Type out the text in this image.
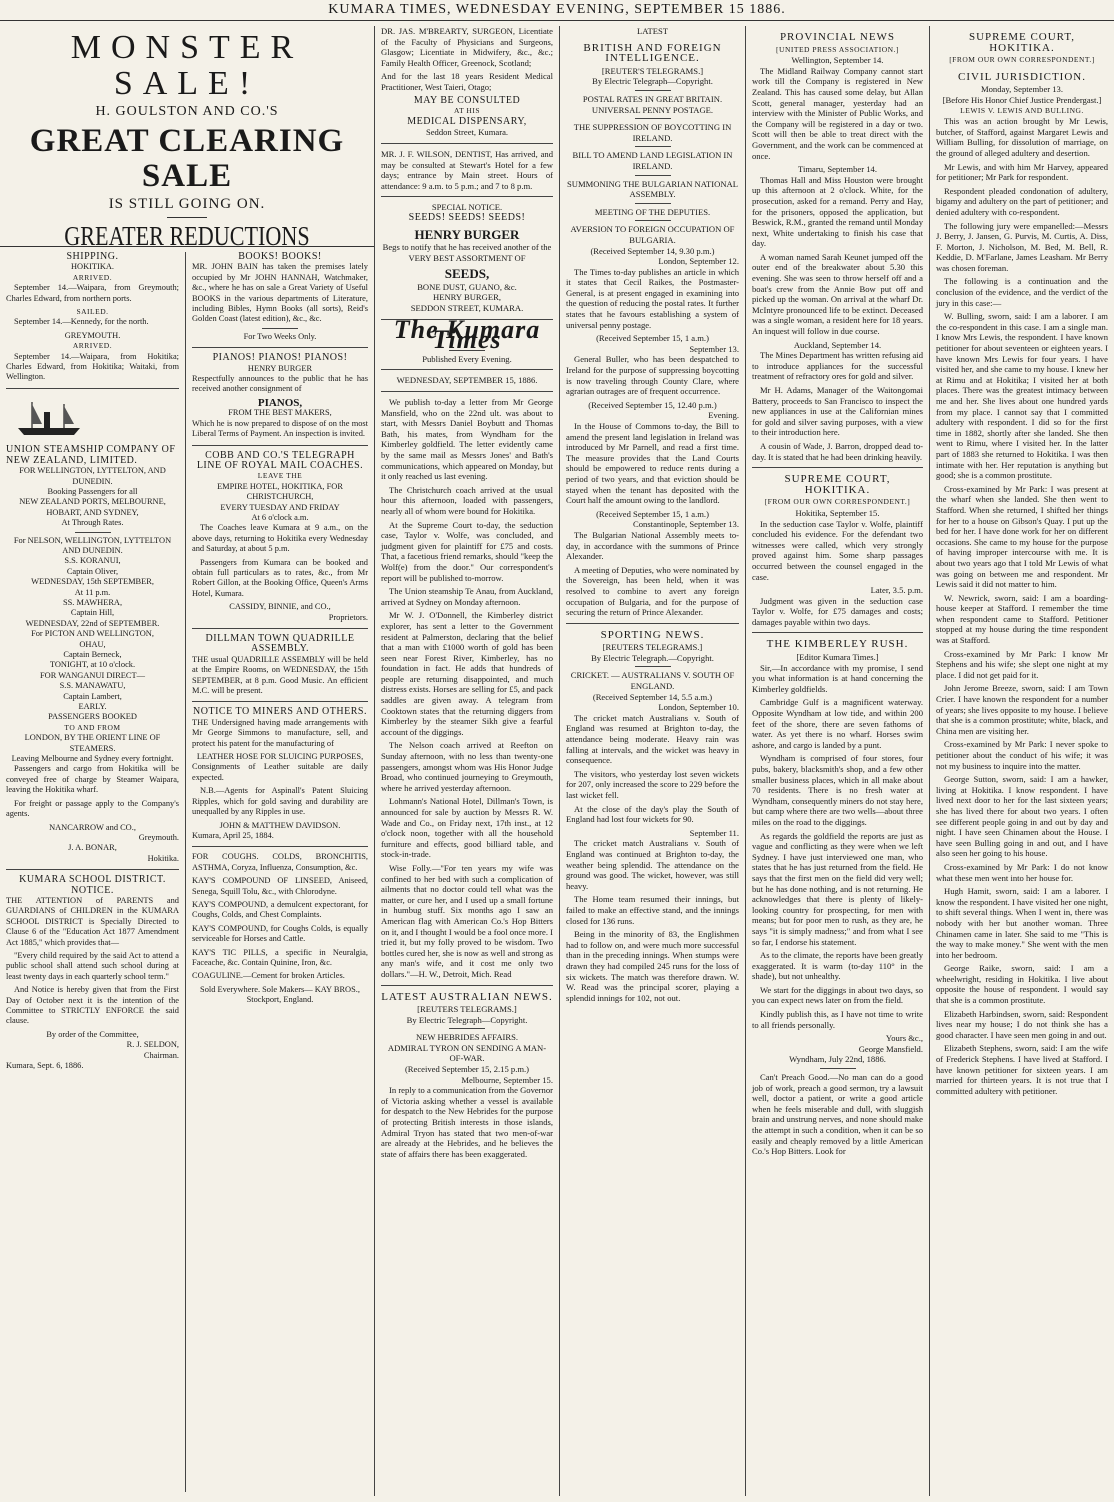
KUMARA TIMES, WEDNESDAY EVENING, SEPTEMBER 15 1886.
MONSTER SALE!
H. GOULSTON AND CO.'S
GREAT CLEARING SALE
IS STILL GOING ON.
GREATER REDUCTIONS
SHIPPING.
HOKITIKA.
ARRIVED.

September 14.—Waipara, from Greymouth; Charles Edward, from northern ports.

SAILED.

September 14.—Kennedy, for the north.

GREYMOUTH.
ARRIVED.

September 14.—Waipara, from Hokitika; Charles Edward, from Hokitika; Waitaki, from Wellington.

UNION STEAMSHIP COMPANY OF NEW ZEALAND, LIMITED.
FOR WELLINGTON, LYTTELTON, AND DUNEDIN.
Booking Passengers for all
NEW ZEALAND PORTS, MELBOURNE, HOBART, AND SYDNEY,
At Through Rates.
For NELSON, WELLINGTON, LYTTELTON AND DUNEDIN.
S.S. KORANUI,
Captain Oliver,
WEDNESDAY, 15th SEPTEMBER,
At 11 p.m.
SS. MAWHERA,
Captain Hill,
WEDNESDAY, 22nd of SEPTEMBER.
For PICTON AND WELLINGTON,
OHAU,
Captain Berneck,
TONIGHT, at 10 o'clock.
FOR WANGANUI DIRECT—
S.S. MANAWATU,
Captain Lambert,
EARLY.
PASSENGERS BOOKED
TO AND FROM
LONDON, BY THE ORIENT LINE OF STEAMERS.
Leaving Melbourne and Sydney every fortnight.

Passengers and cargo from Hokitika will be conveyed free of charge by Steamer Waipara, leaving the Hokitika wharf.

For freight or passage apply to the Company's agents.

NANCARROW and CO.,
Greymouth.
J. A. BONAR,
Hokitika.
KUMARA SCHOOL DISTRICT.
NOTICE.

THE ATTENTION of PARENTS and GUARDIANS of CHILDREN in the KUMARA SCHOOL DISTRICT is Specially Directed to Clause 6 of the "Education Act 1877 Amendment Act 1885," which provides that—

"Every child required by the said Act to attend a public school shall attend such school during at least twenty days in each quarterly school term."

And Notice is hereby given that from the First Day of October next it is the intention of the Committee to STRICTLY ENFORCE the said clause.

By order of the Committee,
R. J. SELDON,
Chairman.
Kumara, Sept. 6, 1886.
BOOKS! BOOKS!

MR. JOHN BAIN has taken the premises lately occupied by Mr JOHN HANNAH, Watchmaker, &c., where he has on sale a Great Variety of Useful BOOKS in the various departments of Literature, including Bibles, Hymn Books (all sorts), Reid's Golden Coast (latest edition), &c., &c.

For Two Weeks Only.
PIANOS! PIANOS! PIANOS!
HENRY BURGER

Respectfully announces to the public that he has received another consignment of

PIANOS,
FROM THE BEST MAKERS,

Which he is now prepared to dispose of on the most Liberal Terms of Payment. An inspection is invited.

COBB AND CO.'S TELEGRAPH LINE OF ROYAL MAIL COACHES.
LEAVE THE
EMPIRE HOTEL, HOKITIKA, FOR CHRISTCHURCH,
EVERY TUESDAY AND FRIDAY
At 6 o'clock a.m.

The Coaches leave Kumara at 9 a.m., on the above days, returning to Hokitika every Wednesday and Saturday, at about 5 p.m.

Passengers from Kumara can be booked and obtain full particulars as to rates, &c., from Mr Robert Gillon, at the Booking Office, Queen's Arms Hotel, Kumara.

CASSIDY, BINNIE, and CO.,
Proprietors.
DILLMAN TOWN QUADRILLE ASSEMBLY.

THE usual QUADRILLE ASSEMBLY will be held at the Empire Rooms, on WEDNESDAY, the 15th SEPTEMBER, at 8 p.m. Good Music. An efficient M.C. will be present.

NOTICE TO MINERS AND OTHERS.

THE Undersigned having made arrangements with Mr George Simmons to manufacture, sell, and protect his patent for the manufacturing of

LEATHER HOSE FOR SLUICING PURPOSES,

Consignments of Leather suitable are daily expected.

N.B.—Agents for Aspinall's Patent Sluicing Ripples, which for gold saving and durability are unequalled by any Ripples in use.

JOHN & MATTHEW DAVIDSON.
Kumara, April 25, 1884.

FOR COUGHS. COLDS, BRONCHITIS, ASTHMA, Coryza, Influenza, Consumption, &c.

KAY'S COMPOUND OF LINSEED, Aniseed, Senega, Squill Tolu, &c., with Chlorodyne.

KAY'S COMPOUND, a demulcent expectorant, for Coughs, Colds, and Chest Complaints.

KAY'S COMPOUND, for Coughs Colds, is equally serviceable for Horses and Cattle.

KAY'S TIC PILLS, a specific in Neuralgia, Faceache, &c. Contain Quinine, Iron, &c.

COAGULINE.—Cement for broken Articles.

Sold Everywhere. Sole Makers— KAY BROS., Stockport, England.

DR. JAS. M'BREARTY, SURGEON, Licentiate of the Faculty of Physicians and Surgeons, Glasgow; Licentiate in Midwifery, &c., &c.; Family Health Officer, Greenock, Scotland;

And for the last 18 years Resident Medical Practitioner, West Taieri, Otago;

MAY BE CONSULTED
AT HIS
MEDICAL DISPENSARY,
Seddon Street, Kumara.

MR. J. F. WILSON, DENTIST, Has arrived, and may be consulted at Stewart's Hotel for a few days; entrance by Main street. Hours of attendance: 9 a.m. to 5 p.m.; and 7 to 8 p.m.

SPECIAL NOTICE.
SEEDS! SEEDS! SEEDS!
HENRY BURGER
Begs to notify that he has received another of the
VERY BEST ASSORTMENT OF
SEEDS,
BONE DUST, GUANO, &c.
HENRY BURGER,
SEDDON STREET, KUMARA.
The Kumara Times
Published Every Evening.
WEDNESDAY, SEPTEMBER 15, 1886.

We publish to-day a letter from Mr George Mansfield, who on the 22nd ult. was about to start, with Messrs Daniel Boybutt and Thomas Bath, his mates, from Wyndham for the Kimberley goldfield. The letter evidently came by the same mail as Messrs Jones' and Bath's communications, which appeared on Monday, but it only reached us last evening.

The Christchurch coach arrived at the usual hour this afternoon, loaded with passengers, nearly all of whom were bound for Hokitika.

At the Supreme Court to-day, the seduction case, Taylor v. Wolfe, was concluded, and judgment given for plaintiff for £75 and costs. That, a facetious friend remarks, should "keep the Wolf(e) from the door." Our correspondent's report will be published to-morrow.

The Union steamship Te Anau, from Auckland, arrived at Sydney on Monday afternoon.

Mr W. J. O'Donnell, the Kimberley district explorer, has sent a letter to the Government resident at Palmerston, declaring that the belief that a man with £1000 worth of gold has been seen near Forest River, Kimberley, has no foundation in fact. He adds that hundreds of people are returning disappointed, and much distress exists. Horses are selling for £5, and pack saddles are given away. A telegram from Cooktown states that the returning diggers from Kimberley by the steamer Sikh give a fearful account of the diggings.

The Nelson coach arrived at Reefton on Sunday afternoon, with no less than twenty-one passengers, amongst whom was His Honor Judge Broad, who continued journeying to Greymouth, where he arrived yesterday afternoon.

Lohmann's National Hotel, Dillman's Town, is announced for sale by auction by Messrs R. W. Wade and Co., on Friday next, 17th inst., at 12 o'clock noon, together with all the household furniture and effects, good billiard table, and stock-in-trade.

Wise Folly.—"For ten years my wife was confined to her bed with such a complication of ailments that no doctor could tell what was the matter, or cure her, and I used up a small fortune in humbug stuff. Six months ago I saw an American flag with American Co.'s Hop Bitters on it, and I thought I would be a fool once more. I tried it, but my folly proved to be wisdom. Two bottles cured her, she is now as well and strong as any man's wife, and it cost me only two dollars."—H. W., Detroit, Mich. Read

LATEST AUSTRALIAN NEWS.
[REUTERS TELEGRAMS.]
By Electric Telegraph—Copyright.
NEW HEBRIDES AFFAIRS.
ADMIRAL TYRON ON SENDING A MAN-OF-WAR.
(Received September 15, 2.15 p.m.)
Melbourne, September 15.

In reply to a communication from the Governor of Victoria asking whether a vessel is available for despatch to the New Hebrides for the purpose of protecting British interests in those islands, Admiral Tryon has stated that two men-of-war are already at the Hebrides, and he believes the state of affairs there has been exaggerated.

LATEST
BRITISH AND FOREIGN INTELLIGENCE.
[REUTER'S TELEGRAMS.]
By Electric Telegraph—Copyright.
POSTAL RATES IN GREAT BRITAIN.
UNIVERSAL PENNY POSTAGE.
THE SUPPRESSION OF BOYCOTTING IN IRELAND.
BILL TO AMEND LAND LEGISLATION IN IRELAND.
SUMMONING THE BULGARIAN NATIONAL ASSEMBLY.
MEETING OF THE DEPUTIES.
AVERSION TO FOREIGN OCCUPATION OF BULGARIA.
(Received September 14, 9.30 p.m.)
London, September 12.

The Times to-day publishes an article in which it states that Cecil Raikes, the Postmaster-General, is at present engaged in examining into the question of reducing the postal rates. It further states that he favours establishing a system of universal penny postage.

(Received September 15, 1 a.m.)
September 13.

General Buller, who has been despatched to Ireland for the purpose of suppressing boycotting is now traveling through County Clare, where agrarian outrages are of frequent occurrence.

(Received September 15, 12.40 p.m.)
Evening.

In the House of Commons to-day, the Bill to amend the present land legislation in Ireland was introduced by Mr Parnell, and read a first time. The measure provides that the Land Courts should be empowered to reduce rents during a period of two years, and that eviction should be stayed when the tenant has deposited with the Court half the amount owing to the landlord.

(Received September 15, 1 a.m.)
Constantinople, September 13.

The Bulgarian National Assembly meets to-day, in accordance with the summons of Prince Alexander.

A meeting of Deputies, who were nominated by the Sovereign, has been held, when it was resolved to combine to avert any foreign occupation of Bulgaria, and for the purpose of securing the return of Prince Alexander.

SPORTING NEWS.
[REUTERS TELEGRAMS.]
By Electric Telegraph.—Copyright.
CRICKET. — AUSTRALIANS V. SOUTH OF ENGLAND.
(Received September 14, 5.5 a.m.)
London, September 10.

The cricket match Australians v. South of England was resumed at Brighton to-day, the attendance being moderate. Heavy rain was falling at intervals, and the wicket was heavy in consequence.

The visitors, who yesterday lost seven wickets for 207, only increased the score to 229 before the last wicket fell.

At the close of the day's play the South of England had lost four wickets for 90.

September 11.

The cricket match Australians v. South of England was continued at Brighton to-day, the weather being splendid. The attendance on the ground was good. The wicket, however, was still heavy.

The Home team resumed their innings, but failed to make an effective stand, and the innings closed for 136 runs.

Being in the minority of 83, the Englishmen had to follow on, and were much more successful than in the preceding innings. When stumps were drawn they had compiled 245 runs for the loss of six wickets. The match was therefore drawn. W. W. Read was the principal scorer, playing a splendid innings for 102, not out.

PROVINCIAL NEWS
[UNITED PRESS ASSOCIATION.]
Wellington, September 14.

The Midland Railway Company cannot start work till the Company is registered in New Zealand. This has caused some delay, but Allan Scott, general manager, yesterday had an interview with the Minister of Public Works, and the Company will be registered in a day or two. Scott will then be able to treat direct with the Government, and the work can be commenced at once.

Timaru, September 14.

Thomas Hall and Miss Houston were brought up this afternoon at 2 o'clock. White, for the prosecution, asked for a remand. Perry and Hay, for the prisoners, opposed the application, but Beswick, R.M., granted the remand until Monday next, White undertaking to finish his case that day.

A woman named Sarah Keunet jumped off the outer end of the breakwater about 5.30 this evening. She was seen to throw herself off and a boat's crew from the Annie Bow put off and picked up the woman. On arrival at the wharf Dr. McIntyre pronounced life to be extinct. Deceased was a single woman, a resident here for 18 years. An inquest will follow in due course.

Auckland, September 14.

The Mines Department has written refusing aid to introduce appliances for the successful treatment of refractory ores for gold and silver.

Mr H. Adams, Manager of the Waitongomai Battery, proceeds to San Francisco to inspect the new appliances in use at the Californian mines for gold and silver saving purposes, with a view to their introduction here.

A cousin of Wade, J. Barron, dropped dead to-day. It is stated that he had been drinking heavily.

SUPREME COURT, HOKITIKA.
[FROM OUR OWN CORRESPONDENT.]
Hokitika, September 15.

In the seduction case Taylor v. Wolfe, plaintiff concluded his evidence. For the defendant two witnesses were called, which very strongly proved against him. Some sharp passages occurred between the counsel engaged in the case.

Later, 3.5. p.m.

Judgment was given in the seduction case Taylor v. Wolfe, for £75 damages and costs; damages payable within two days.

THE KIMBERLEY RUSH.
[Editor Kumara Times.]

Sir,—In accordance with my promise, I send you what information is at hand concerning the Kimberley goldfields.

Cambridge Gulf is a magnificent waterway. Opposite Wyndham at low tide, and within 200 feet of the shore, there are seven fathoms of water. As yet there is no wharf. Horses swim ashore, and cargo is landed by a punt.

Wyndham is comprised of four stores, four pubs, bakery, blacksmith's shop, and a few other smaller business places, which in all make about 70 residents. There is no fresh water at Wyndham, consequently miners do not stay here, but camp where there are two wells—about three miles on the road to the diggings.

As regards the goldfield the reports are just as vague and conflicting as they were when we left Sydney. I have just interviewed one man, who states that he has just returned from the field. He says that the first men on the field did very well; but he has done nothing, and is not returning. He acknowledges that there is plenty of likely-looking country for prospecting, for men with means; but for poor men to rush, as they are, he says "it is simply madness;" and from what I see so far, I endorse his statement.

As to the climate, the reports have been greatly exaggerated. It is warm (to-day 110° in the shade), but not unhealthy.

We start for the diggings in about two days, so you can expect news later on from the field.

Kindly publish this, as I have not time to write to all friends personally.

Yours &c.,
George Mansfield.
Wyndham, July 22nd, 1886.

Can't Preach Good.—No man can do a good job of work, preach a good sermon, try a lawsuit well, doctor a patient, or write a good article when he feels miserable and dull, with sluggish brain and unstrung nerves, and none should make the attempt in such a condition, when it can be so easily and cheaply removed by a little American Co.'s Hop Bitters. Look for

SUPREME COURT, HOKITIKA.
[FROM OUR OWN CORRESPONDENT.]
CIVIL JURISDICTION.
Monday, September 13.
[Before His Honor Chief Justice Prendergast.]
LEWIS V. LEWIS AND BULLING.

This was an action brought by Mr Lewis, butcher, of Stafford, against Margaret Lewis and William Bulling, for dissolution of marriage, on the ground of alleged adultery and desertion.

Mr Lewis, and with him Mr Harvey, appeared for petitioner; Mr Park for respondent.

Respondent pleaded condonation of adultery, bigamy and adultery on the part of petitioner; and denied adultery with co-respondent.

The following jury were empanelled:—Messrs J. Berry, J. Jansen, G. Purvis, M. Curtis, A. Diss, F. Morton, J. Nicholson, M. Bed, M. Bell, R. Keddie, D. M'Farlane, James Leasham. Mr Berry was chosen foreman.

The following is a continuation and the conclusion of the evidence, and the verdict of the jury in this case:—

W. Bulling, sworn, said: I am a laborer. I am the co-respondent in this case. I am a single man. I know Mrs Lewis, the respondent. I have known petitioner for about seventeen or eighteen years. I have known Mrs Lewis for four years. I have visited her, and she came to my house. I knew her at Rimu and at Hokitika; I visited her at both places. There was the greatest intimacy between me and her. She lives about one hundred yards from my place. I cannot say that I committed adultery with respondent. I did so for the first time in 1882, shortly after she landed. She then went to Rimu, where I visited her. In the latter part of 1883 she returned to Hokitika. I was then intimate with her. Her reputation is anything but good; she is a common prostitute.

Cross-examined by Mr Park: I was present at the wharf when she landed. She then went to Stafford. When she returned, I shifted her things for her to a house on Gibson's Quay. I put up the bed for her. I have done work for her on different occasions. She came to my house for the purpose of having improper intercourse with me. It is about two years ago that I told Mr Lewis of what was going on between me and respondent. Mr Lewis said it did not matter to him.

W. Newrick, sworn, said: I am a boarding-house keeper at Stafford. I remember the time when respondent came to Stafford. Petitioner stopped at my house during the time respondent was at Stafford.

Cross-examined by Mr Park: I know Mr Stephens and his wife; she slept one night at my place. I did not get paid for it.

John Jerome Breeze, sworn, said: I am Town Crier. I have known the respondent for a number of years; she lives opposite to my house. I believe that she is a common prostitute; white, black, and China men are visiting her.

Cross-examined by Mr Park: I never spoke to petitioner about the conduct of his wife; it was not my business to inquire into the matter.

George Sutton, sworn, said: I am a hawker, living at Hokitika. I know respondent. I have lived next door to her for the last sixteen years; she has lived there for about two years. I often see different people going in and out by day and night. I have seen Chinamen about the House. I have seen Bulling going in and out, and I have also seen her going to his house.

Cross-examined by Mr Park: I do not know what these men went into her house for.

Hugh Hamit, sworn, said: I am a laborer. I know the respondent. I have visited her one night, to shift several things. When I went in, there was nobody with her but another woman. Three Chinamen came in later. She said to me "This is the way to make money." She went with the men into her bedroom.

George Raike, sworn, said: I am a wheelwright, residing in Hokitika. I live about opposite the house of respondent. I would say that she is a common prostitute.

Elizabeth Harbindsen, sworn, said: Respondent lives near my house; I do not think she has a good character. I have seen men going in and out.

Elizabeth Stephens, sworn, said: I am the wife of Frederick Stephens. I have lived at Stafford. I have known petitioner for sixteen years. I am married for thirteen years. It is not true that I committed adultery with petitioner.
